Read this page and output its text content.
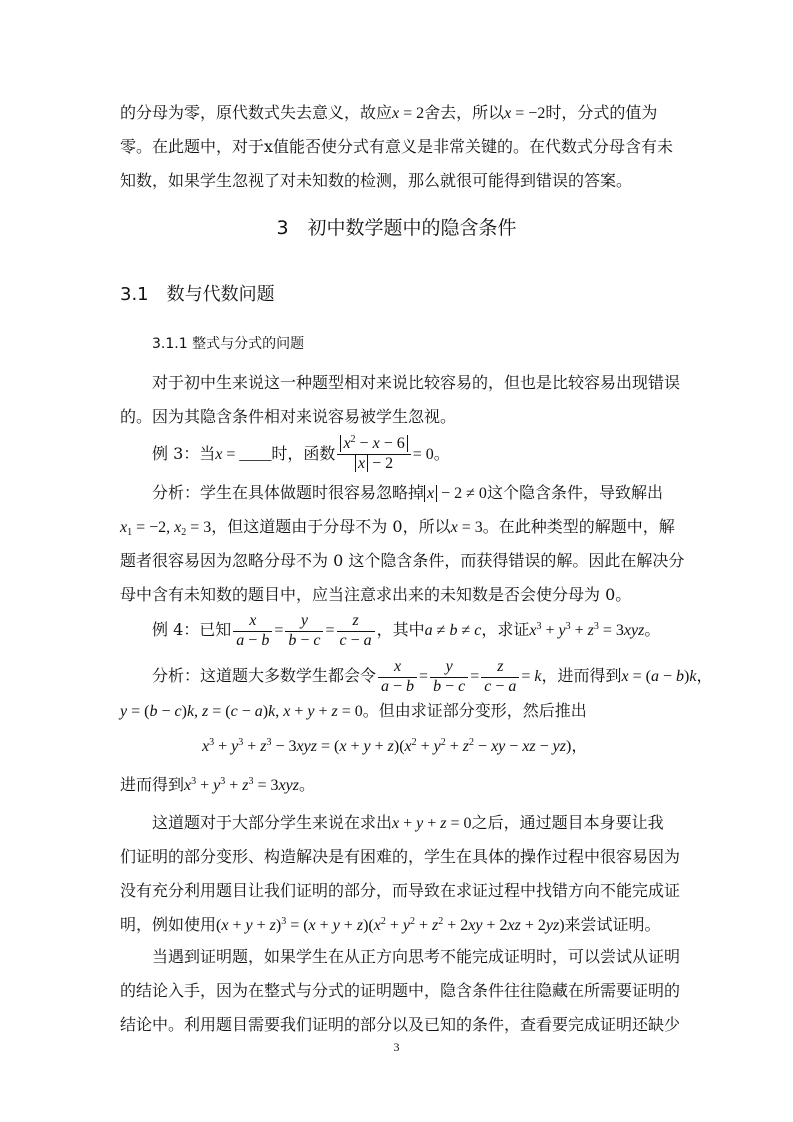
的分母为零，原代数式失去意义，故应x = 2舍去，所以x = −2时，分式的值为
零。在此题中，对于x值能否使分式有意义是非常关键的。在代数式分母含有未
知数，如果学生忽视了对未知数的检测，那么就很可能得到错误的答案。
3　初中数学题中的隐含条件
3.1　数与代数问题
3.1.1 整式与分式的问题
对于初中生来说这一种题型相对来说比较容易的，但也是比较容易出现错误
的。因为其隐含条件相对来说容易被学生忽视。
例 3：当x = ____时，函数 $\frac{x^2 - x - 6}{x - 2} = 0$。
分析：学生在具体做题时很容易忽略掉 x − 2 ≠ 0这个隐含条件，导致解出
$x_1 = -2$, $x_2 = 3$，但这道题由于分母不为 0，所以x = 3。在此种类型的解题中，解
题者很容易因为忽略分母不为 0 这个隐含条件，而获得错误的解。因此在解决分
母中含有未知数的题目中，应当注意求出来的未知数是否会使分母为 0。
例 4：已知 $\frac{x}{a - b} = \frac{y}{b - c} = \frac{z}{c - a}$ ，其中a ≠ b ≠ c，求证$x^3 + y^3 + z^3 = 3xyz$。
分析：这道题大多数学生都会令 $\frac{x}{a - b} = \frac{y}{b - c} = \frac{z}{c - a} = k$，进而得到x = (a − b)k，
y = (b − c)k, z = (c − a)k, x + y + z = 0。但由求证部分变形，然后推出
$x^3 + y^3 + z^3 - 3xyz = (x + y + z)(x^2 + y^2 + z^2$ − xy − xz − yz)，
进而得到$x^3 + y^3 + z^3 = 3xyz$。
这道题对于大部分学生来说在求出x + y + z = 0之后，通过题目本身要让我
们证明的部分变形、构造解决是有困难的，学生在具体的操作过程中很容易因为
没有充分利用题目让我们证明的部分，而导致在求证过程中找错方向不能完成证
明，例如使用$(x + y + z)^3 = (x + y + z)(x^2 + y^2 + z^2 + 2xy + 2xz + 2yz)$来尝试证明。
当遇到证明题，如果学生在从正方向思考不能完成证明时，可以尝试从证明
的结论入手，因为在整式与分式的证明题中，隐含条件往往隐藏在所需要证明的
结论中。利用题目需要我们证明的部分以及已知的条件，查看要完成证明还缺少
3
